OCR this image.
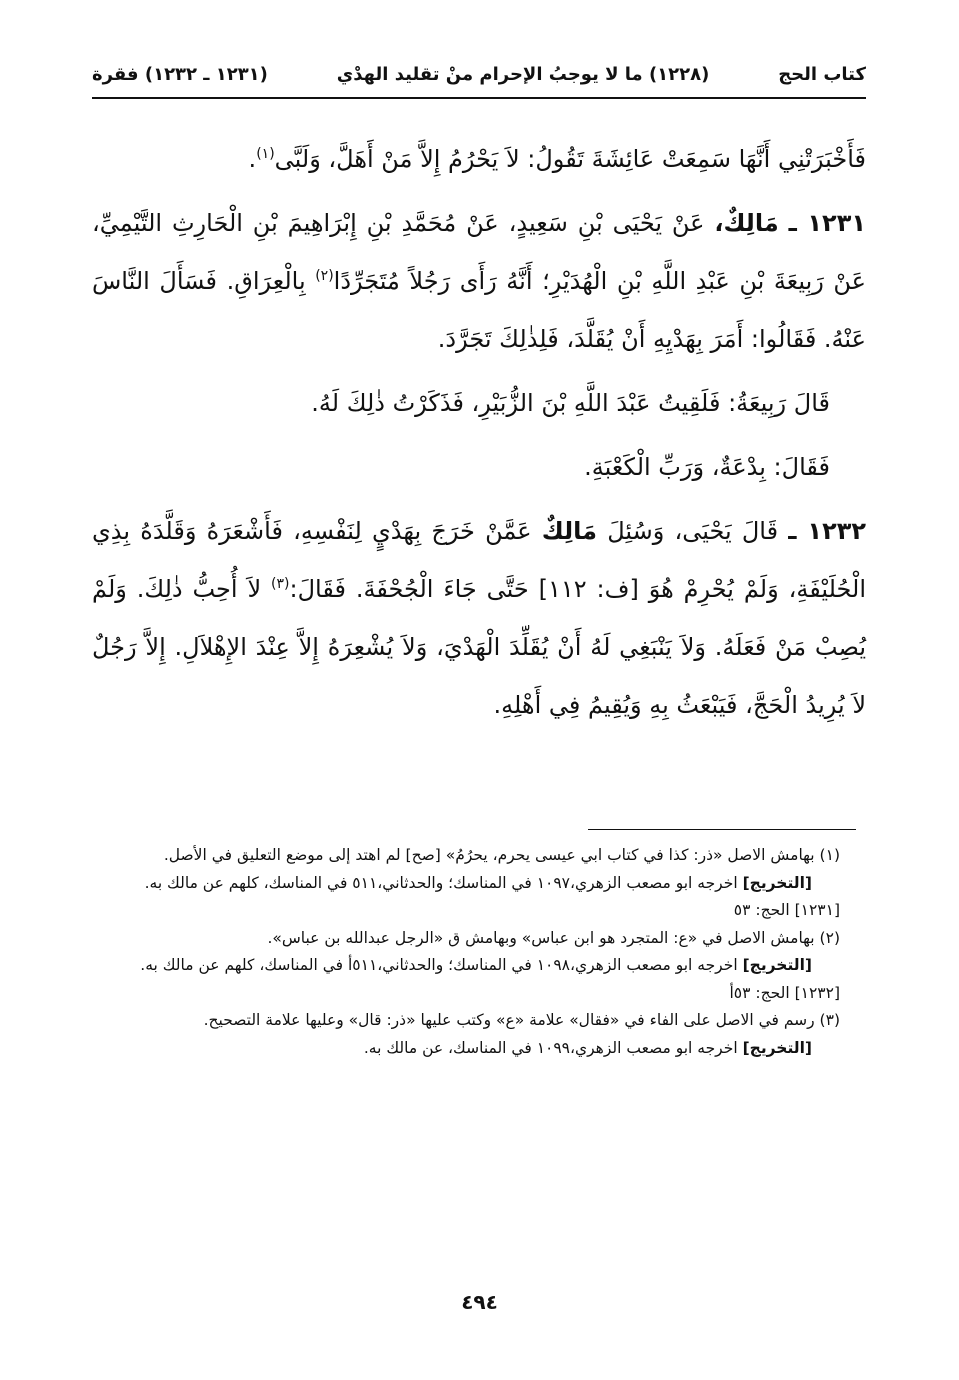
كتاب الحج
(١٢٢٨) ما لا يوجبُ الإحرام منْ تقليد الهدْي
(١٢٣١ ـ ١٢٣٢) فقرة

فَأَخْبَرَتْنِي أَنَّهَا سَمِعَتْ عَائِشَةَ تَقُولُ: لاَ يَحْرُمُ إِلاَّ مَنْ أَهَلَّ، وَلَبَّى$^{(١)}$.

١٢٣١ ـ مَالِكٌ، عَنْ يَحْيَى بْنِ سَعِيدٍ، عَنْ مُحَمَّدِ بْنِ إِبْرَاهِيمَ بْنِ الْحَارِثِ التَّيْمِيِّ، عَنْ رَبِيعَةَ بْنِ عَبْدِ اللَّهِ بْنِ الْهُدَيْرِ؛ أَنَّهُ رَأَى رَجُلاً مُتَجَرِّدًا$^{(٢)}$ بِالْعِرَاقِ. فَسَأَلَ النَّاسَ عَنْهُ. فَقَالُوا: أَمَرَ بِهَدْيِهِ أَنْ يُقَلَّدَ، فَلِذٰلِكَ تَجَرَّدَ.

قَالَ رَبِيعَةُ: فَلَقِيتُ عَبْدَ اللَّهِ بْنَ الزُّبَيْرِ، فَذَكَرْتُ ذٰلِكَ لَهُ.

فَقَالَ: بِدْعَةٌ، وَرَبِّ الْكَعْبَةِ.

١٢٣٢ ـ قَالَ يَحْيَى، وَسُئِلَ مَالِكٌ عَمَّنْ خَرَجَ بِهَدْيٍ لِنَفْسِهِ، فَأَشْعَرَهُ وَقَلَّدَهُ بِذِي الْحُلَيْفَةِ، وَلَمْ يُحْرِمْ هُوَ [ف: ١١٢] حَتَّى جَاءَ الْجُحْفَةَ. فَقَالَ:$^{(٣)}$ لاَ أُحِبُّ ذٰلِكَ. وَلَمْ يُصِبْ مَنْ فَعَلَهُ. وَلاَ يَنْبَغِي لَهُ أَنْ يُقَلِّدَ الْهَدْيَ، وَلاَ يُشْعِرَهُ إِلاَّ عِنْدَ الإِهْلاَلِ. إِلاَّ رَجُلٌ لاَ يُرِيدُ الْحَجَّ، فَيَبْعَثُ بِهِ وَيُقِيمُ فِي أَهْلِهِ.

(١) بهامش الاصل «ذر: كذا في كتاب ابي عيسى يحرم، يحرُمُ» [صح] لم اهتد إلى موضع التعليق في الأصل.

[التخريج] اخرجه ابو مصعب الزهري،١٠٩٧ في المناسك؛ والحدثاني،٥١١ في المناسك، كلهم عن مالك به.

[١٢٣١] الحج: ٥٣

(٢) بهامش الاصل في «ع: المتجرد هو ابن عباس» وبهامش ق «الرجل عبدالله بن عباس».

[التخريج] اخرجه ابو مصعب الزهري،١٠٩٨ في المناسك؛ والحدثاني،٥١١أ في المناسك، كلهم عن مالك به.

[١٢٣٢] الحج: ٥٣أ

(٣) رسم في الاصل على الفاء في «فقال» علامة «ع» وكتب عليها «ذر: قال» وعليها علامة التصحيح.

[التخريج] اخرجه ابو مصعب الزهري،١٠٩٩ في المناسك، عن مالك به.

٤٩٤
